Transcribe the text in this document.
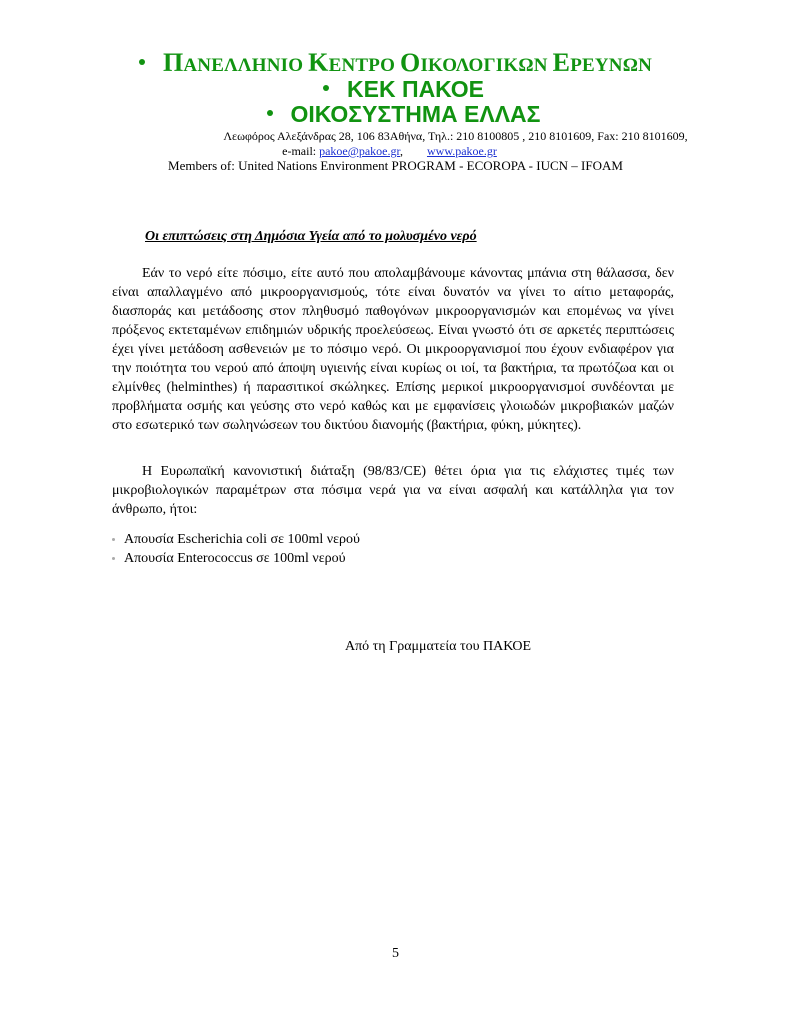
ΠΑΝΕΛΛΗΝΙΟ ΚΕΝΤΡΟ ΟΙΚΟΛΟΓΙΚΩΝ ΕΡΕΥΝΩΝ
ΚΕΚ ΠΑΚΟΕ
ΟΙΚΟΣΥΣΤΗΜΑ ΕΛΛΑΣ
Λεωφόρος Αλεξάνδρας 28, 106 83Αθήνα, Τηλ.: 210 8100805 , 210 8101609, Fax: 210 8101609,
e-mail: pakoe@pakoe.gr, www.pakoe.gr
Members of: United Nations Environment PROGRAM - ECOROPA - IUCN – IFOAM
Οι επιπτώσεις στη Δημόσια Υγεία από το μολυσμένο νερό

Εάν το νερό είτε πόσιμο, είτε αυτό που απολαμβάνουμε κάνοντας μπάνια στη θάλασσα, δεν είναι απαλλαγμένο από μικροοργανισμούς, τότε είναι δυνατόν να γίνει το αίτιο μεταφοράς, διασποράς και μετάδοσης στον πληθυσμό παθογόνων μικροοργανισμών και επομένως να γίνει πρόξενος εκτεταμένων επιδημιών υδρικής προελεύσεως. Είναι γνωστό ότι σε αρκετές περιπτώσεις έχει γίνει μετάδοση ασθενειών με το πόσιμο νερό. Οι μικροοργανισμοί που έχουν ενδιαφέρον για την ποιότητα του νερού από άποψη υγιεινής είναι κυρίως οι ιοί, τα βακτήρια, τα πρωτόζωα και οι ελμίνθες (helminthes) ή παρασιτικοί σκώληκες. Επίσης μερικοί μικροοργανισμοί συνδέονται με προβλήματα οσμής και γεύσης στο νερό καθώς και με εμφανίσεις γλοιωδών μικροβιακών μαζών στο εσωτερικό των σωληνώσεων του δικτύου διανομής (βακτήρια, φύκη, μύκητες).

Η Ευρωπαϊκή κανονιστική διάταξη (98/83/CE) θέτει όρια για τις ελάχιστες τιμές των μικροβιολογικών παραμέτρων στα πόσιμα νερά για να είναι ασφαλή και κατάλληλα για τον άνθρωπο, ήτοι:

Απουσία Escherichia coli σε 100ml νερού
Απουσία Enterococcus σε 100ml νερού
Από τη Γραμματεία του ΠΑΚΟΕ
5
